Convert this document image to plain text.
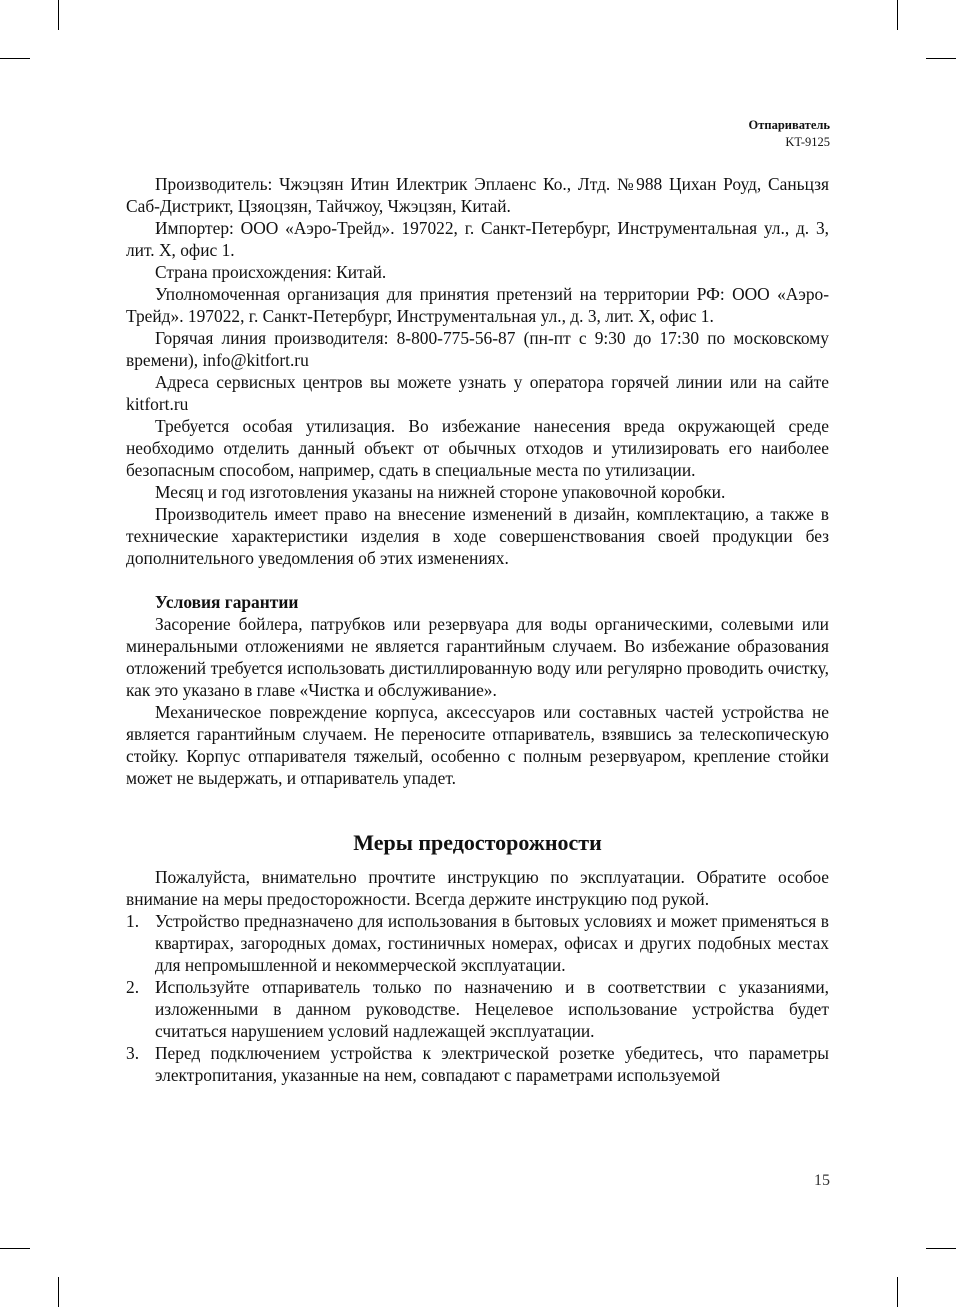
Отпариватель
KT-9125

Производитель: Чжэцзян Итин Илектрик Эплаенс Ко., Лтд. №988 Цихан Роуд, Саньцзя Саб-Дистрикт, Цзяоцзян, Тайчжоу, Чжэцзян, Китай.

Импортер: ООО «Аэро-Трейд». 197022, г. Санкт-Петербург, Инструментальная ул., д. 3, лит. Х, офис 1.

Страна происхождения: Китай.

Уполномоченная организация для принятия претензий на территории РФ: ООО «Аэро-Трейд». 197022, г. Санкт-Петербург, Инструментальная ул., д. 3, лит. Х, офис 1.

Горячая линия производителя: 8-800-775-56-87 (пн-пт с 9:30 до 17:30 по московскому времени), info@kitfort.ru

Адреса сервисных центров вы можете узнать у оператора горячей линии или на сайте kitfort.ru

Требуется особая утилизация. Во избежание нанесения вреда окружающей среде необходимо отделить данный объект от обычных отходов и утилизировать его наиболее безопасным способом, например, сдать в специальные места по утилизации.

Месяц и год изготовления указаны на нижней стороне упаковочной коробки.

Производитель имеет право на внесение изменений в дизайн, комплектацию, а также в технические характеристики изделия в ходе совершенствования своей продукции без дополнительного уведомления об этих изменениях.

Условия гарантии

Засорение бойлера, патрубков или резервуара для воды органическими, солевыми или минеральными отложениями не является гарантийным случаем. Во избежание образования отложений требуется использовать дистиллированную воду или регулярно проводить очистку, как это указано в главе «Чистка и обслуживание».

Механическое повреждение корпуса, аксессуаров или составных частей устройства не является гарантийным случаем. Не переносите отпариватель, взявшись за телескопическую стойку. Корпус отпаривателя тяжелый, особенно с полным резервуаром, крепление стойки может не выдержать, и отпариватель упадет.

Меры предосторожности

Пожалуйста, внимательно прочтите инструкцию по эксплуатации. Обратите особое внимание на меры предосторожности. Всегда держите инструкцию под рукой.

1. Устройство предназначено для использования в бытовых условиях и может применяться в квартирах, загородных домах, гостиничных номерах, офисах и других подобных местах для непромышленной и некоммерческой эксплуатации.
2. Используйте отпариватель только по назначению и в соответствии с указаниями, изложенными в данном руководстве. Нецелевое использование устройства будет считаться нарушением условий надлежащей эксплуатации.
3. Перед подключением устройства к электрической розетке убедитесь, что параметры электропитания, указанные на нем, совпадают с параметрами используемой
15
